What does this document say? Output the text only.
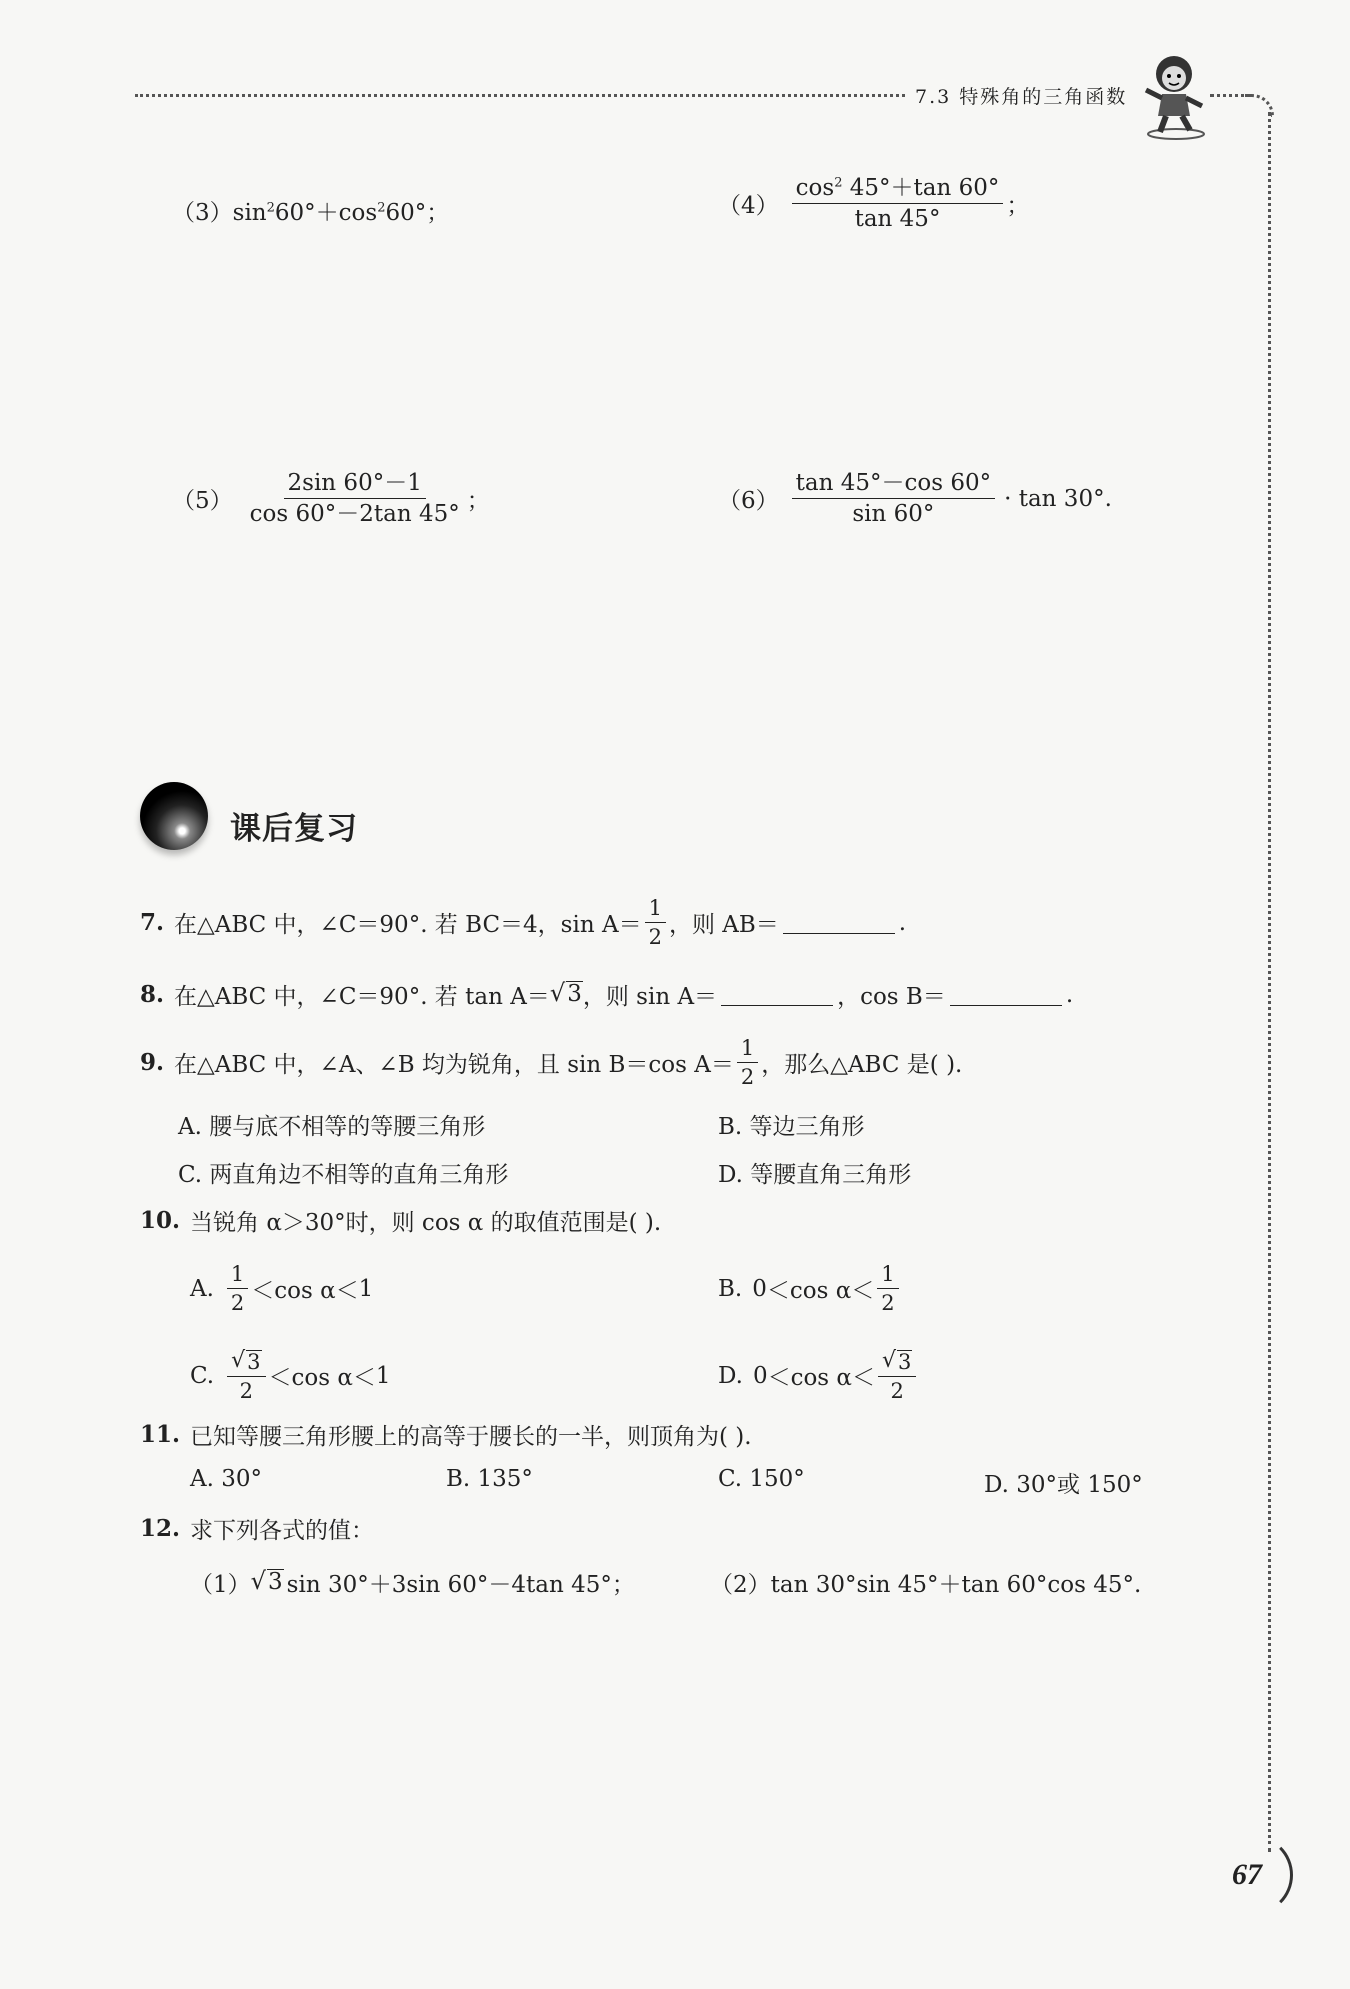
7.3 特殊角的三角函数
（3） $\sin^260^\circ+\cos^260^\circ$；	$(4) \frac{\cos^2 45^\circ+\tan 60^\circ}{\tan 45^\circ}$ ；
$(5) \frac{2\sin 60^\circ-1}{\cos 60^\circ-2\tan 45^\circ}$ ；	$(6) \frac{\tan 45^\circ-\cos 60^\circ}{\sin 60^\circ} \cdot \tan 30^\circ$.
课后复习
7. 在△ABC 中，∠C＝90°. 若 BC＝4，$\sin A= \frac{1}{2}$ ，则 AB＝	.
8. 在△ABC 中，∠C＝90°. 若 tan A＝ √ 3 ，则 sin A＝	，cos B＝	.
9. 在△ABC 中，∠A、∠B 均为锐角，且 sin B＝cos $A= \frac{1}{2}$ ，那么△ABC 是( ).
A. 腰与底不相等的等腰三角形	B. 等边三角形
C. 两直角边不相等的直角三角形	D. 等腰直角三角形
10. 当锐角 α＞30°时，则 cos α 的取值范围是( ).
A. $\frac{1}{2} <\cos$ α＜ 1	B. 0 ＜cos $\alpha< \frac{1}{2}$
C. $\frac{√ 3}{2} <\cos$ α＜ 1	D. 0 ＜cos $\alpha< \frac{√ 3}{2}$
11. 已知等腰三角形腰上的高等于腰长的一半，则顶角为( ).
A. 30°	B. 135°	C. 150°	D. 30°或 150°
12. 求下列各式的值：
（1） √ 3 sin 30°＋3sin 60°－4tan 45°；	（2）tan 30°sin 45°＋tan 60°cos 45°.
67
